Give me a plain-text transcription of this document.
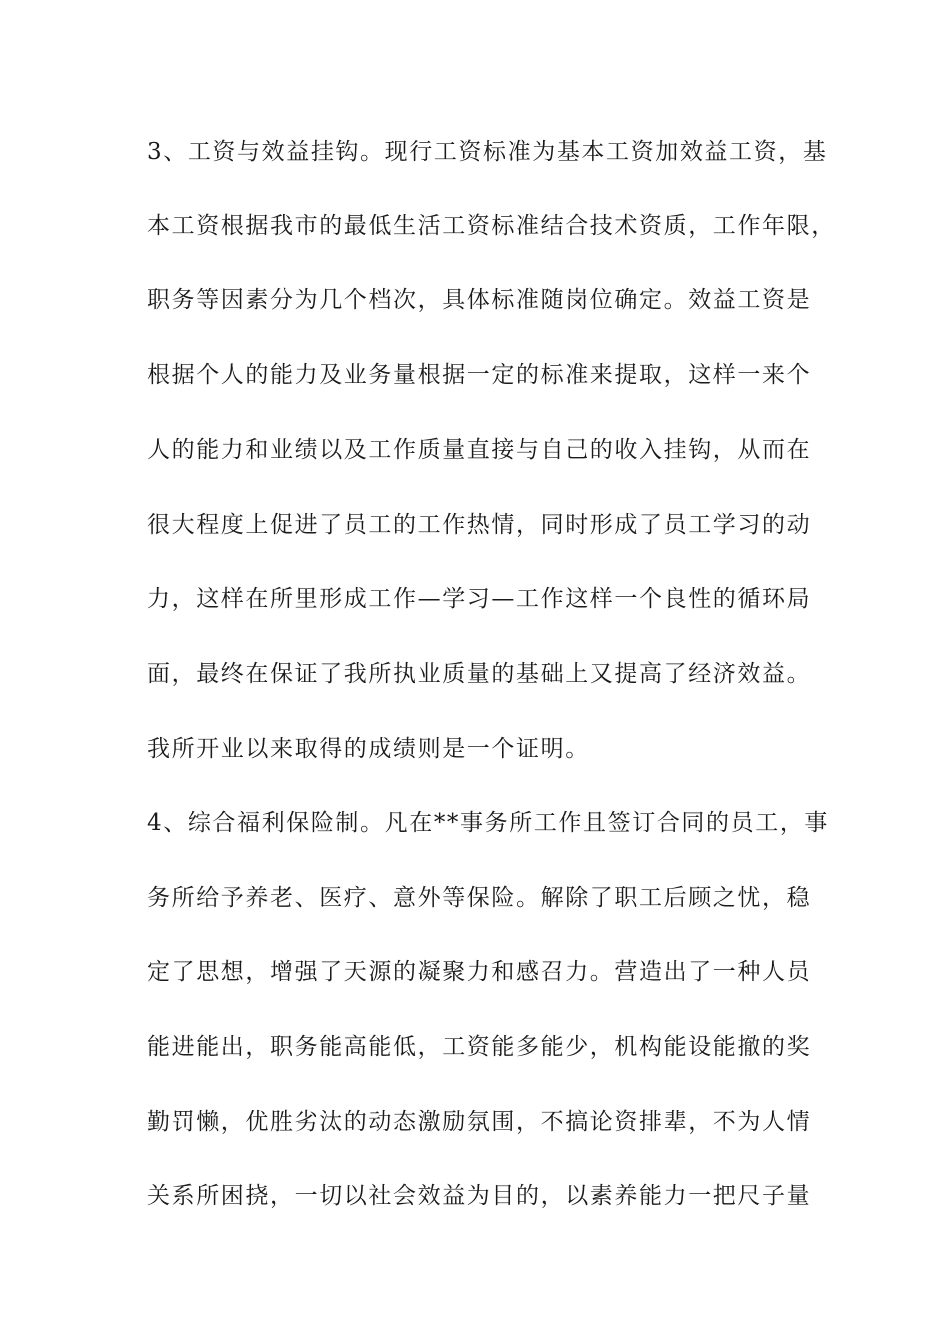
3、工资与效益挂钩。现行工资标准为基本工资加效益工资，基
本工资根据我市的最低生活工资标准结合技术资质，工作年限，
职务等因素分为几个档次，具体标准随岗位确定。效益工资是
根据个人的能力及业务量根据一定的标准来提取，这样一来个
人的能力和业绩以及工作质量直接与自己的收入挂钩，从而在
很大程度上促进了员工的工作热情，同时形成了员工学习的动
力，这样在所里形成工作—学习—工作这样一个良性的循环局
面，最终在保证了我所执业质量的基础上又提高了经济效益。
我所开业以来取得的成绩则是一个证明。
4、综合福利保险制。凡在**事务所工作且签订合同的员工，事
务所给予养老、医疗、意外等保险。解除了职工后顾之忧，稳
定了思想，增强了天源的凝聚力和感召力。营造出了一种人员
能进能出，职务能高能低，工资能多能少，机构能设能撤的奖
勤罚懒，优胜劣汰的动态激励氛围，不搞论资排辈，不为人情
关系所困挠，一切以社会效益为目的，以素养能力一把尺子量
